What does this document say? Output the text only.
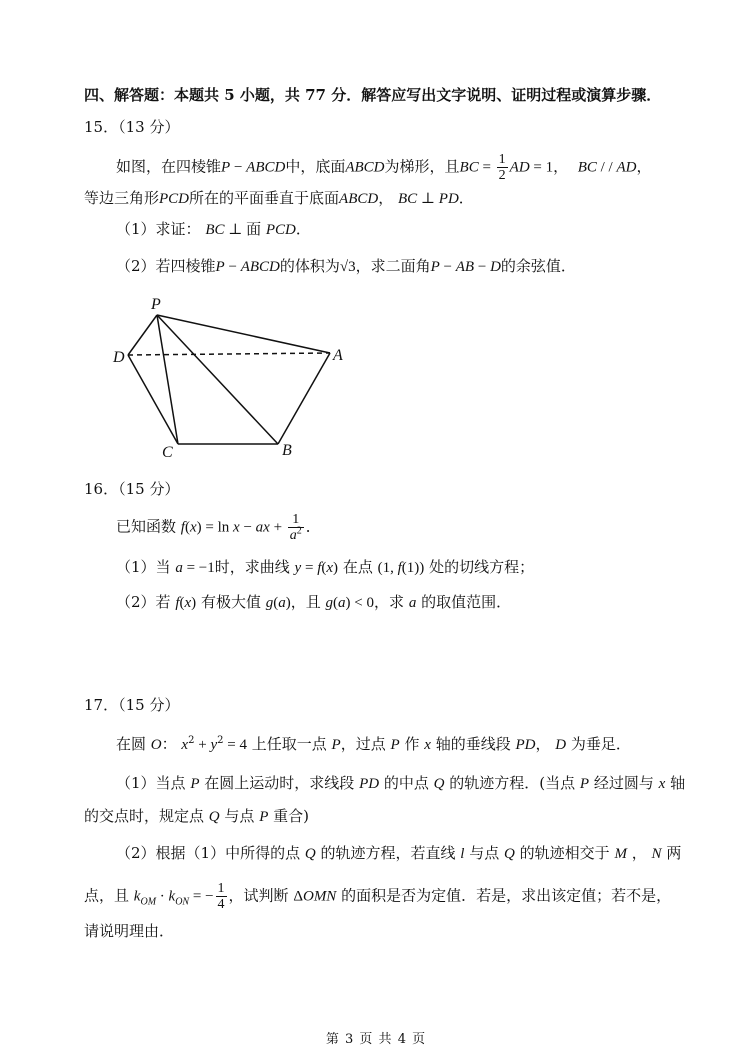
四、解答题：本题共 5 小题，共 77 分．解答应写出文字说明、证明过程或演算步骤．
15．（13 分）
如图，在四棱锥P − ABCD中，底面ABCD为梯形，且BC = $\frac{1}{2}$ AD = 1， BC / / AD，
等边三角形PCD所在的平面垂直于底面ABCD， BC ⊥ PD．
（1）求证： BC ⊥ 面 PCD．
（2）若四棱锥P − ABCD的体积为√3，求二面角P − AB − D的余弦值．
P
D	A
C	B
16．（15 分）
已知函数 f(x) = ln x − ax + $\frac{1}{a^2}$ ．
（1）当 a = −1时，求曲线 y = f(x) 在点 (1, f(1)) 处的切线方程；
（2）若 f(x) 有极大值 g(a)，且 g(a) < 0，求 a 的取值范围．
17．（15 分）
在圆 O： $x^2 + y^2 = 4$ 上任取一点 P，过点 P 作 x 轴的垂线段 PD， D 为垂足．
（1）当点 P 在圆上运动时，求线段 PD 的中点 Q 的轨迹方程．(当点 P 经过圆与 x 轴
的交点时，规定点 Q 与点 P 重合)
（2）根据（1）中所得的点 Q 的轨迹方程，若直线 l 与点 Q 的轨迹相交于 M ， N 两
点，且 $k_{OM} \cdot k_{ON}$ = − $\frac{1}{4}$ ，试判断 ΔOMN 的面积是否为定值．若是，求出该定值；若不是，
请说明理由．
第 3 页 共 4 页
